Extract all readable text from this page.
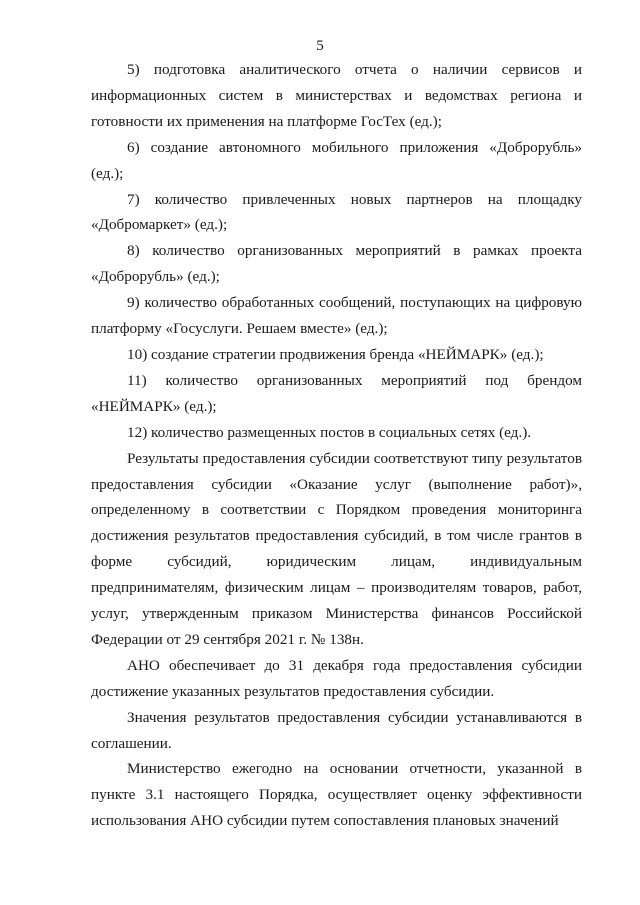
5

5) подготовка аналитического отчета о наличии сервисов и информационных систем в министерствах и ведомствах региона и готовности их применения на платформе ГосТех (ед.);

6) создание автономного мобильного приложения «Доброрубль» (ед.);

7) количество привлеченных новых партнеров на площадку «Добромаркет» (ед.);

8) количество организованных мероприятий в рамках проекта «Доброрубль» (ед.);

9) количество обработанных сообщений, поступающих на цифровую платформу «Госуслуги. Решаем вместе» (ед.);

10) создание стратегии продвижения бренда «НЕЙМАРК» (ед.);

11) количество организованных мероприятий под брендом «НЕЙМАРК» (ед.);

12) количество размещенных постов в социальных сетях (ед.).

Результаты предоставления субсидии соответствуют типу результатов предоставления субсидии «Оказание услуг (выполнение работ)», определенному в соответствии с Порядком проведения мониторинга достижения результатов предоставления субсидий, в том числе грантов в форме субсидий, юридическим лицам, индивидуальным предпринимателям, физическим лицам – производителям товаров, работ, услуг, утвержденным приказом Министерства финансов Российской Федерации от 29 сентября 2021 г. № 138н.

АНО обеспечивает до 31 декабря года предоставления субсидии достижение указанных результатов предоставления субсидии.

Значения результатов предоставления субсидии устанавливаются в соглашении.

Министерство ежегодно на основании отчетности, указанной в пункте 3.1 настоящего Порядка, осуществляет оценку эффективности использования АНО субсидии путем сопоставления плановых значений
